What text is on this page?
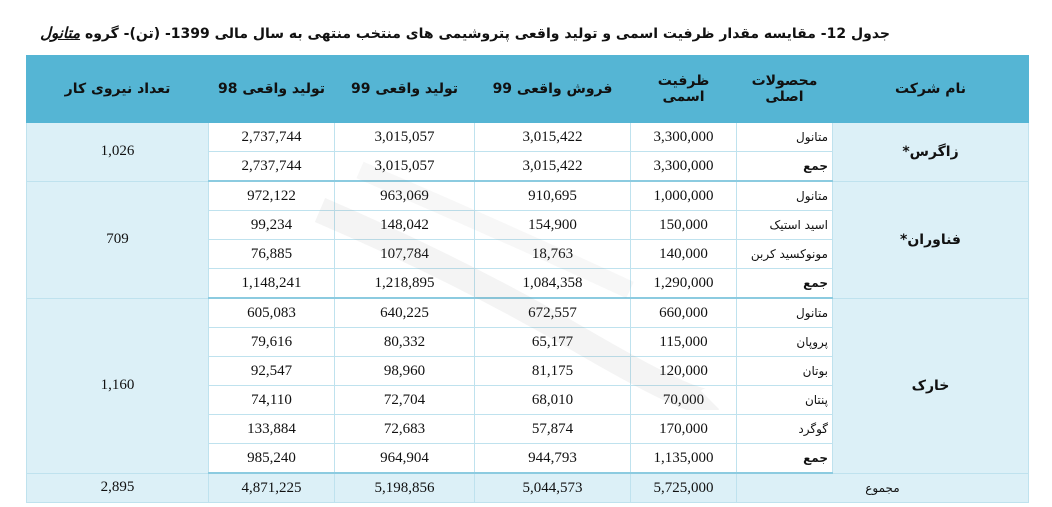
جدول 12- مقایسه مقدار ظرفیت اسمی و تولید واقعی پتروشیمی های منتخب منتهی به سال مالی 1399- (تن)- گروه متانول
نام شرکت	محصولات اصلی	ظرفیت اسمی	فروش واقعی 99	تولید واقعی 99	تولید واقعی 98	تعداد نیروی کار
زاگرس*	متانول	3,300,000	3,015,422	3,015,057	2,737,744	1,026
	جمع	3,300,000	3,015,422	3,015,057	2,737,744	
فناوران*	متانول	1,000,000	910,695	963,069	972,122	709
	اسید استیک	150,000	154,900	148,042	99,234	
	مونوکسید کربن	140,000	18,763	107,784	76,885	
	جمع	1,290,000	1,084,358	1,218,895	1,148,241	
خارک	متانول	660,000	672,557	640,225	605,083	1,160
	پروپان	115,000	65,177	80,332	79,616	
	بوتان	120,000	81,175	98,960	92,547	
	پنتان	70,000	68,010	72,704	74,110	
	گوگرد	170,000	57,874	72,683	133,884	
	جمع	1,135,000	944,793	964,904	985,240	
مجموع		5,725,000	5,044,573	5,198,856	4,871,225	2,895
